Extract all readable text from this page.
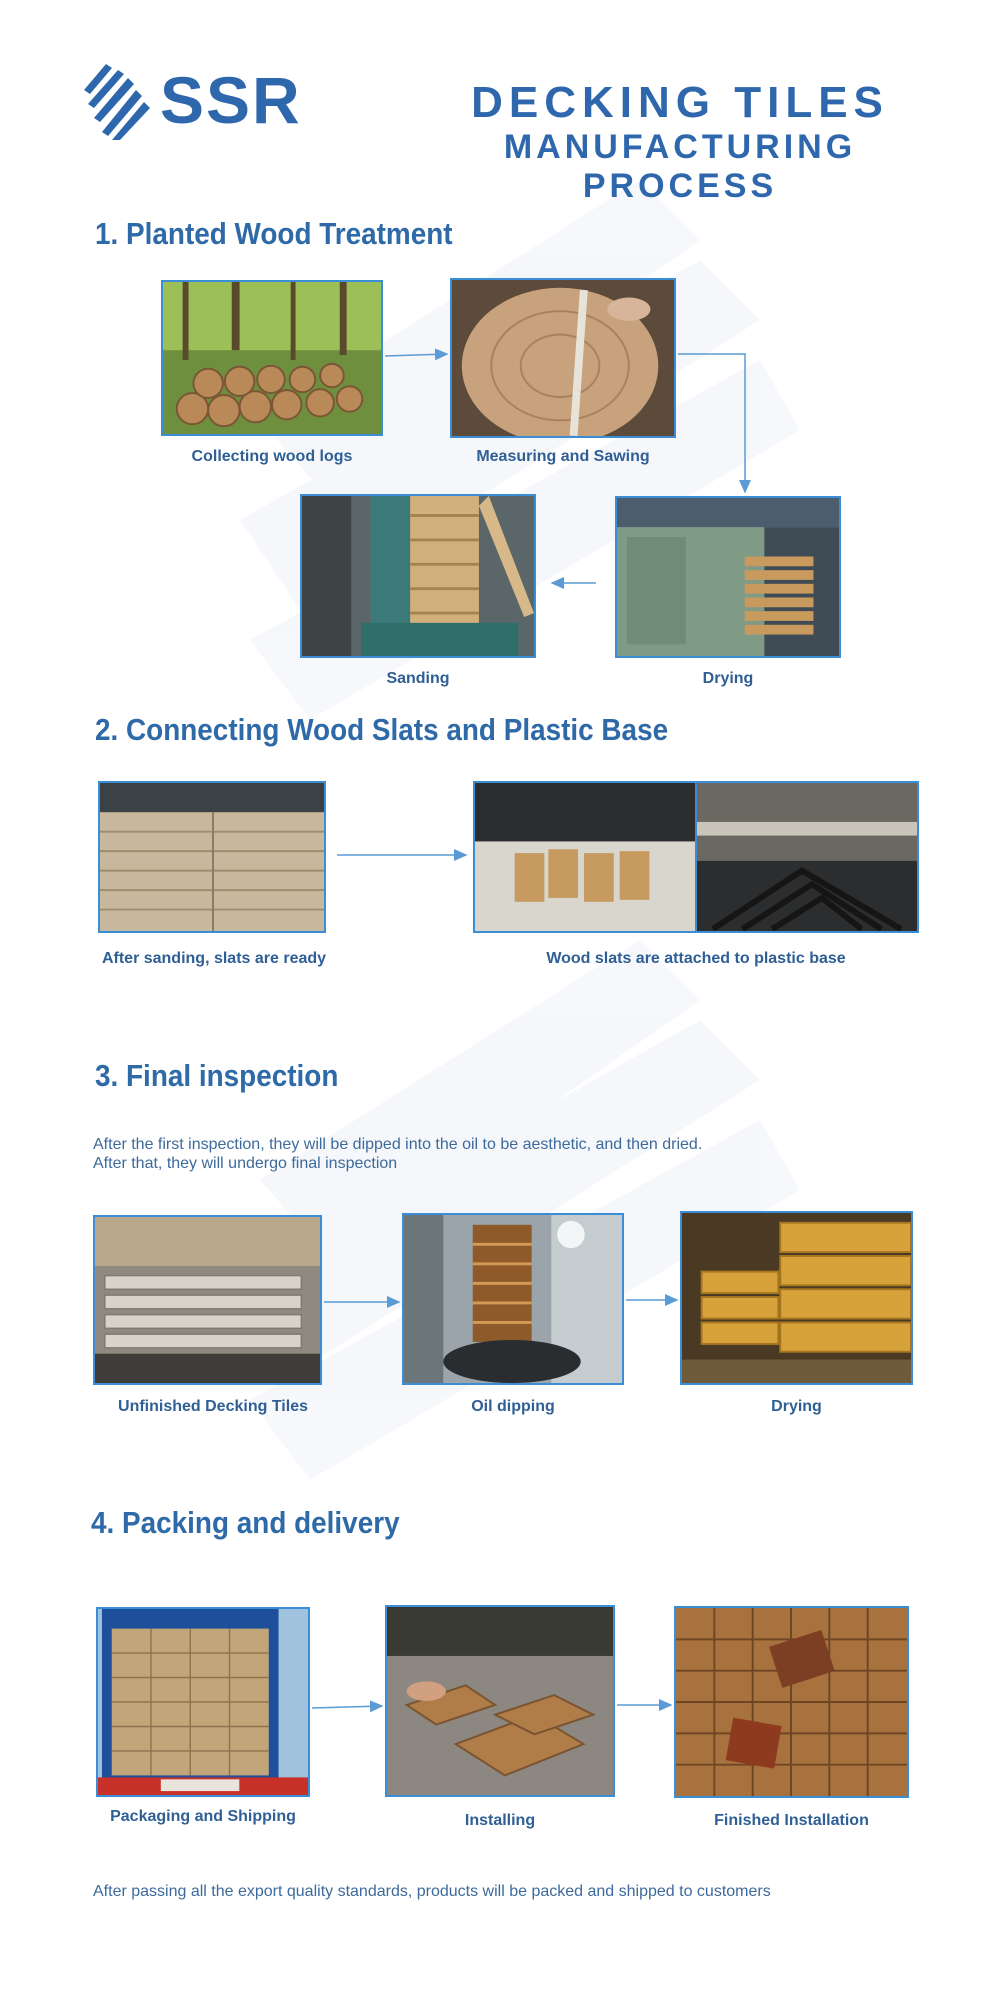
SSR	DECKING TILES
MANUFACTURING PROCESS
1. Planted Wood Treatment
Collecting wood logs	Measuring and Sawing
Drying
Sanding
2. Connecting Wood Slats and Plastic Base
After sanding, slats are ready	Wood slats are attached to plastic base
3. Final inspection
After the first inspection, they will be dipped into the oil to be aesthetic, and then dried.
After that, they will undergo final inspection
Unfinished Decking Tiles	Oil dipping	Drying
4. Packing and delivery
Packaging and Shipping	Installing	Finished Installation
After passing all the export quality standards, products will be packed and shipped to customers
